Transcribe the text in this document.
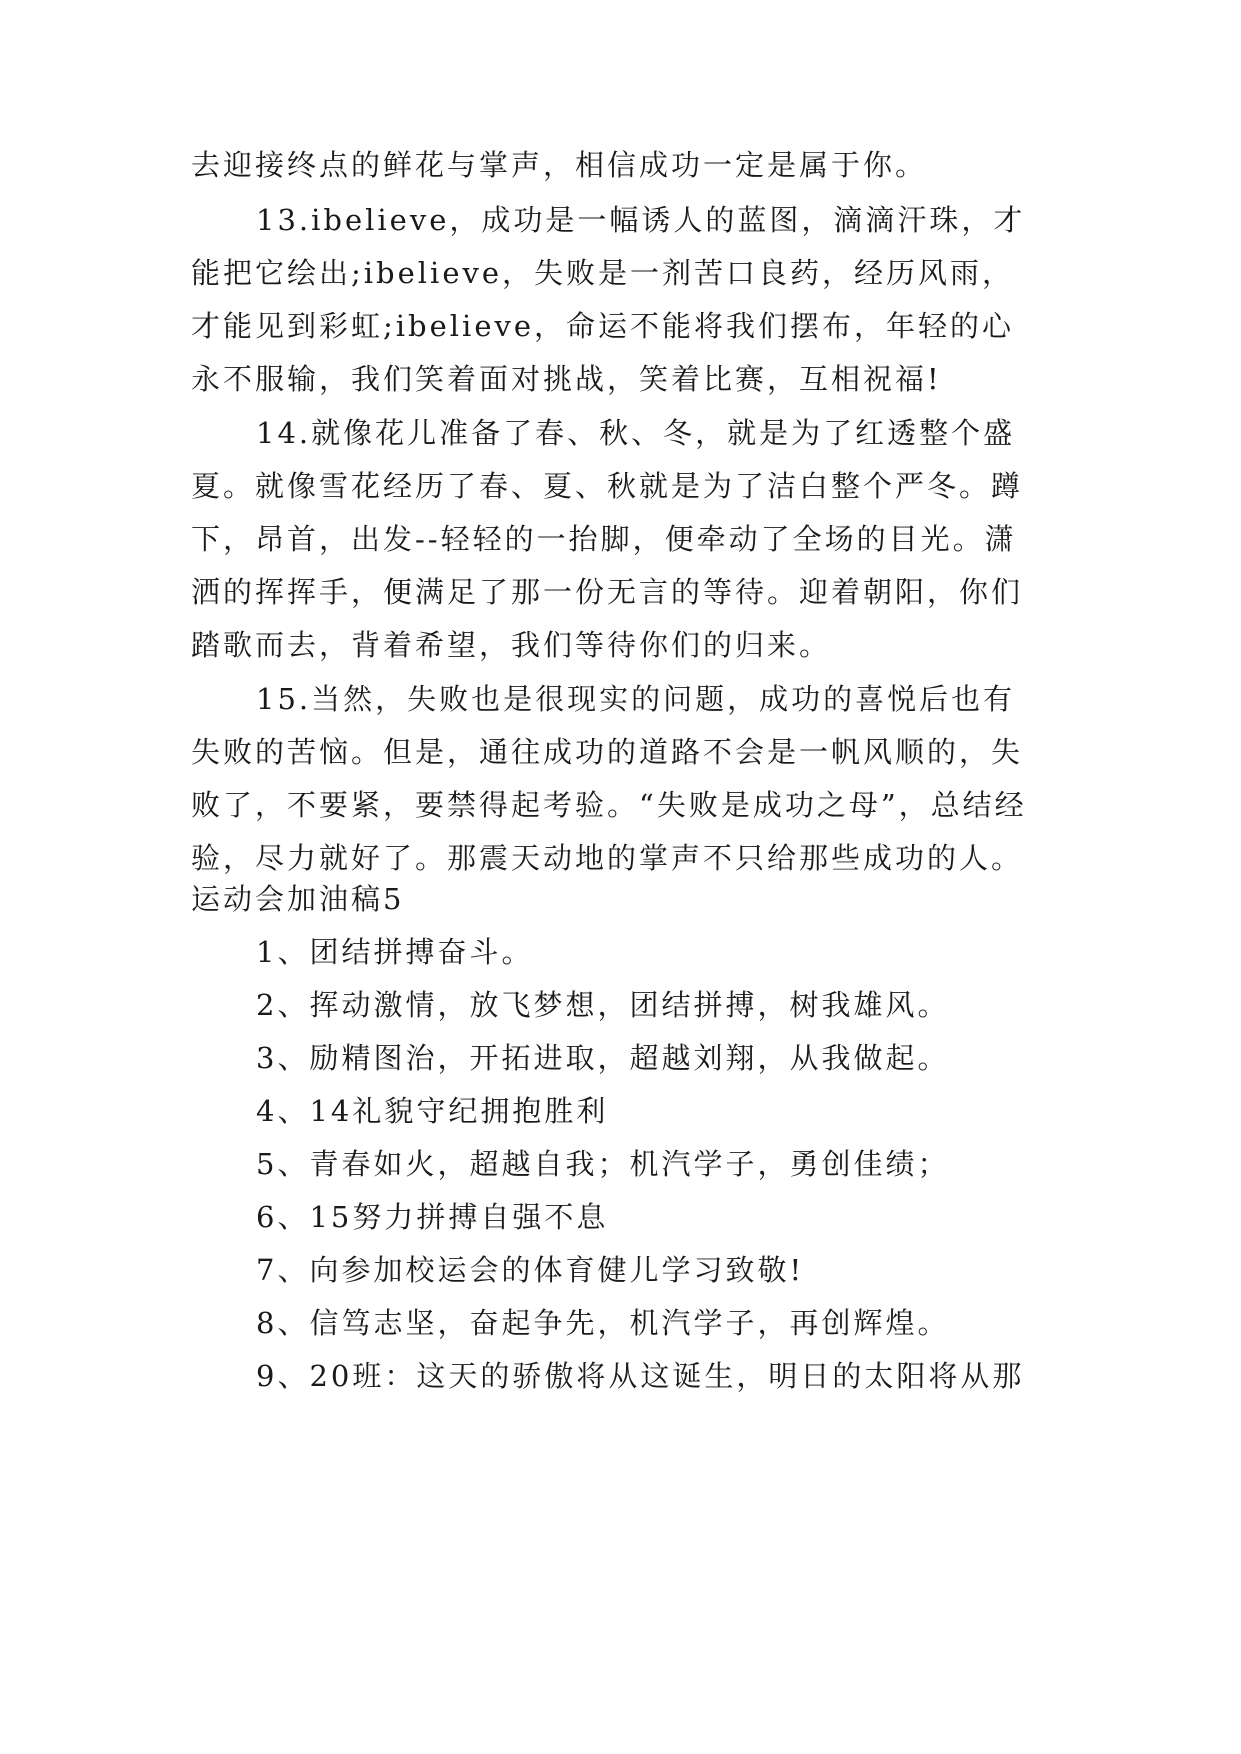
去迎接终点的鲜花与掌声，相信成功一定是属于你。
13.ibelieve，成功是一幅诱人的蓝图，滴滴汗珠，才
能把它绘出;ibelieve，失败是一剂苦口良药，经历风雨，
才能见到彩虹;ibelieve，命运不能将我们摆布，年轻的心
永不服输，我们笑着面对挑战，笑着比赛，互相祝福!
14.就像花儿准备了春、秋、冬，就是为了红透整个盛
夏。就像雪花经历了春、夏、秋就是为了洁白整个严冬。蹲
下，昂首，出发--轻轻的一抬脚，便牵动了全场的目光。潇
洒的挥挥手，便满足了那一份无言的等待。迎着朝阳，你们
踏歌而去，背着希望，我们等待你们的归来。
15.当然，失败也是很现实的问题，成功的喜悦后也有
失败的苦恼。但是，通往成功的道路不会是一帆风顺的，失
败了，不要紧，要禁得起考验。“失败是成功之母”，总结经
验，尽力就好了。那震天动地的掌声不只给那些成功的人。
运动会加油稿5
1、团结拼搏奋斗。
2、挥动激情，放飞梦想，团结拼搏，树我雄风。
3、励精图治，开拓进取，超越刘翔，从我做起。
4、14礼貌守纪拥抱胜利
5、青春如火，超越自我；机汽学子，勇创佳绩；
6、15努力拼搏自强不息
7、向参加校运会的体育健儿学习致敬!
8、信笃志坚，奋起争先，机汽学子，再创辉煌。
9、20班：这天的骄傲将从这诞生，明日的太阳将从那
